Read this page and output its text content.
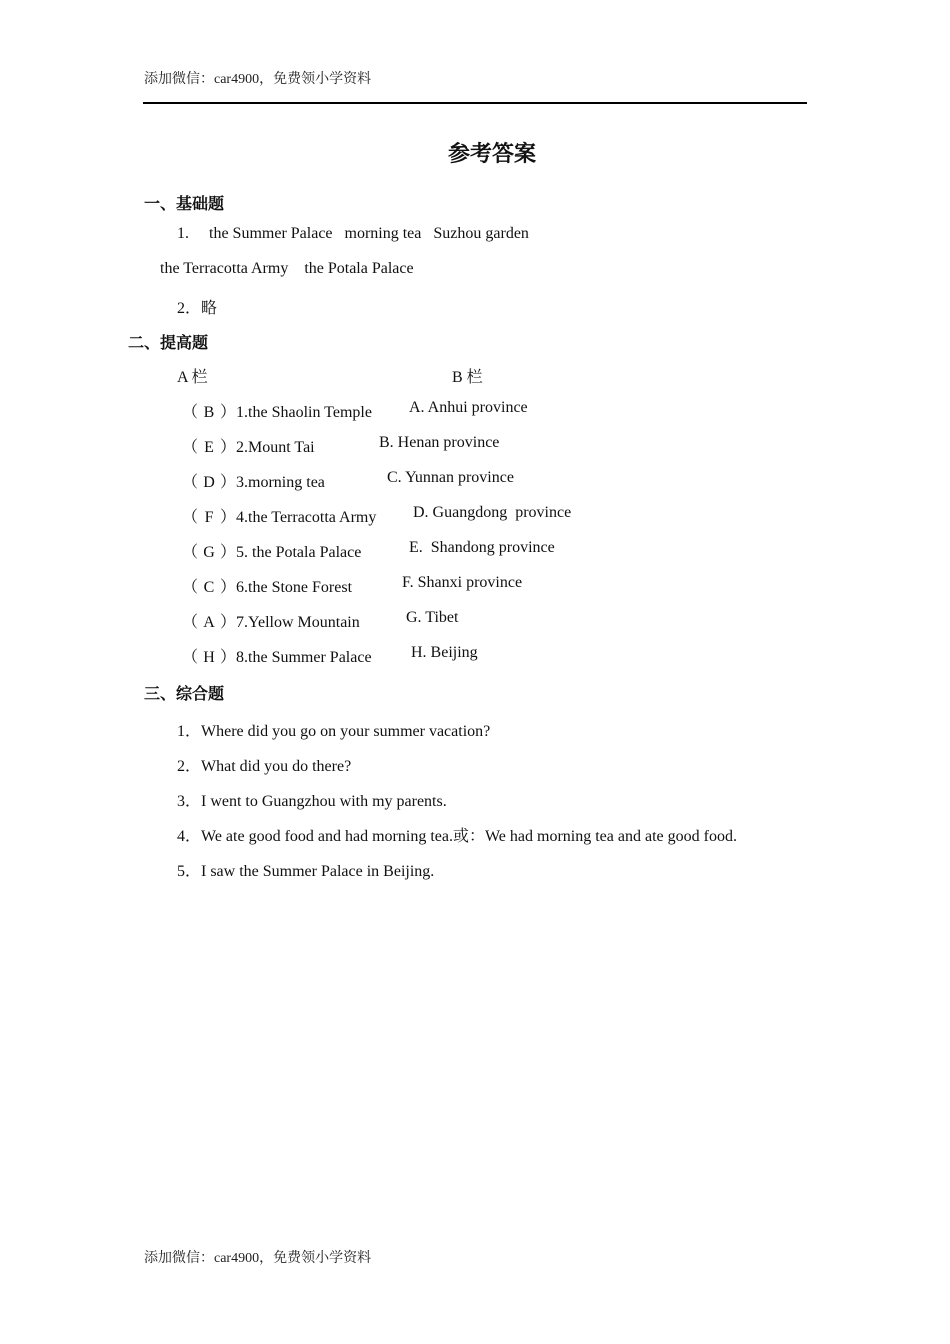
添加微信：car4900，免费领小学资料
参考答案
一、基础题
1. the Summer Palace   morning tea   Suzhou garden
the Terracotta Army    the Potala Palace
2．略
二、提高题
A 栏	B 栏
（ B ）1.the Shaolin Temple A. Anhui province
（ E ）2.Mount Tai	B. Henan province
（ D ）3.morning tea	C. Yunnan province
（ F ）4.the Terracotta Army D. Guangdong  province
（ G ）5. the Potala Palace	E.  Shandong province
（ C ）6.the Stone Forest	F. Shanxi province
（ A ）7.Yellow Mountain	G. Tibet
（ H ）8.the Summer Palace H. Beijing
三、综合题
1．Where did you go on your summer vacation?
2．What did you do there?
3．I went to Guangzhou with my parents.
4．We ate good food and had morning tea.或：We had morning tea and ate good food.
5．I saw the Summer Palace in Beijing.
添加微信：car4900，免费领小学资料
